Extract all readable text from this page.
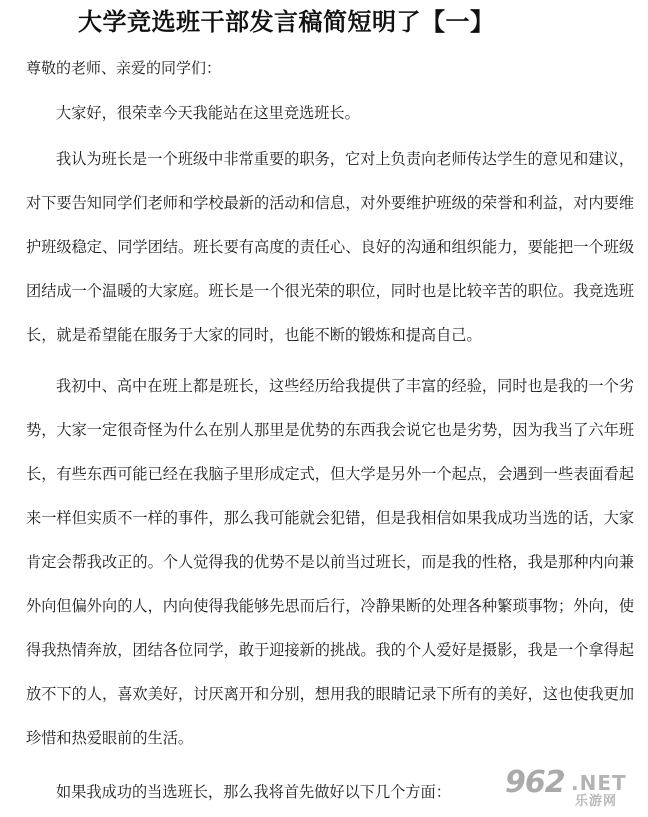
大学竞选班干部发言稿简短明了【一】

尊敬的老师、亲爱的同学们：

大家好，很荣幸今天我能站在这里竞选班长。

我认为班长是一个班级中非常重要的职务，它对上负责向老师传达学生的意见和建议，对下要告知同学们老师和学校最新的活动和信息，对外要维护班级的荣誉和利益，对内要维护班级稳定、同学团结。班长要有高度的责任心、良好的沟通和组织能力，要能把一个班级团结成一个温暖的大家庭。班长是一个很光荣的职位，同时也是比较辛苦的职位。我竞选班长，就是希望能在服务于大家的同时，也能不断的锻炼和提高自己。

我初中、高中在班上都是班长，这些经历给我提供了丰富的经验，同时也是我的一个劣势，大家一定很奇怪为什么在别人那里是优势的东西我会说它也是劣势，因为我当了六年班长，有些东西可能已经在我脑子里形成定式，但大学是另外一个起点，会遇到一些表面看起来一样但实质不一样的事件，那么我可能就会犯错，但是我相信如果我成功当选的话，大家肯定会帮我改正的。个人觉得我的优势不是以前当过班长，而是我的性格，我是那种内向兼外向但偏外向的人，内向使得我能够先思而后行，冷静果断的处理各种繁琐事物；外向，使得我热情奔放，团结各位同学，敢于迎接新的挑战。我的个人爱好是摄影，我是一个拿得起放不下的人，喜欢美好，讨厌离开和分别，想用我的眼睛记录下所有的美好，这也使我更加珍惜和热爱眼前的生活。

如果我成功的当选班长，那么我将首先做好以下几个方面：	962 .NET
乐游网
